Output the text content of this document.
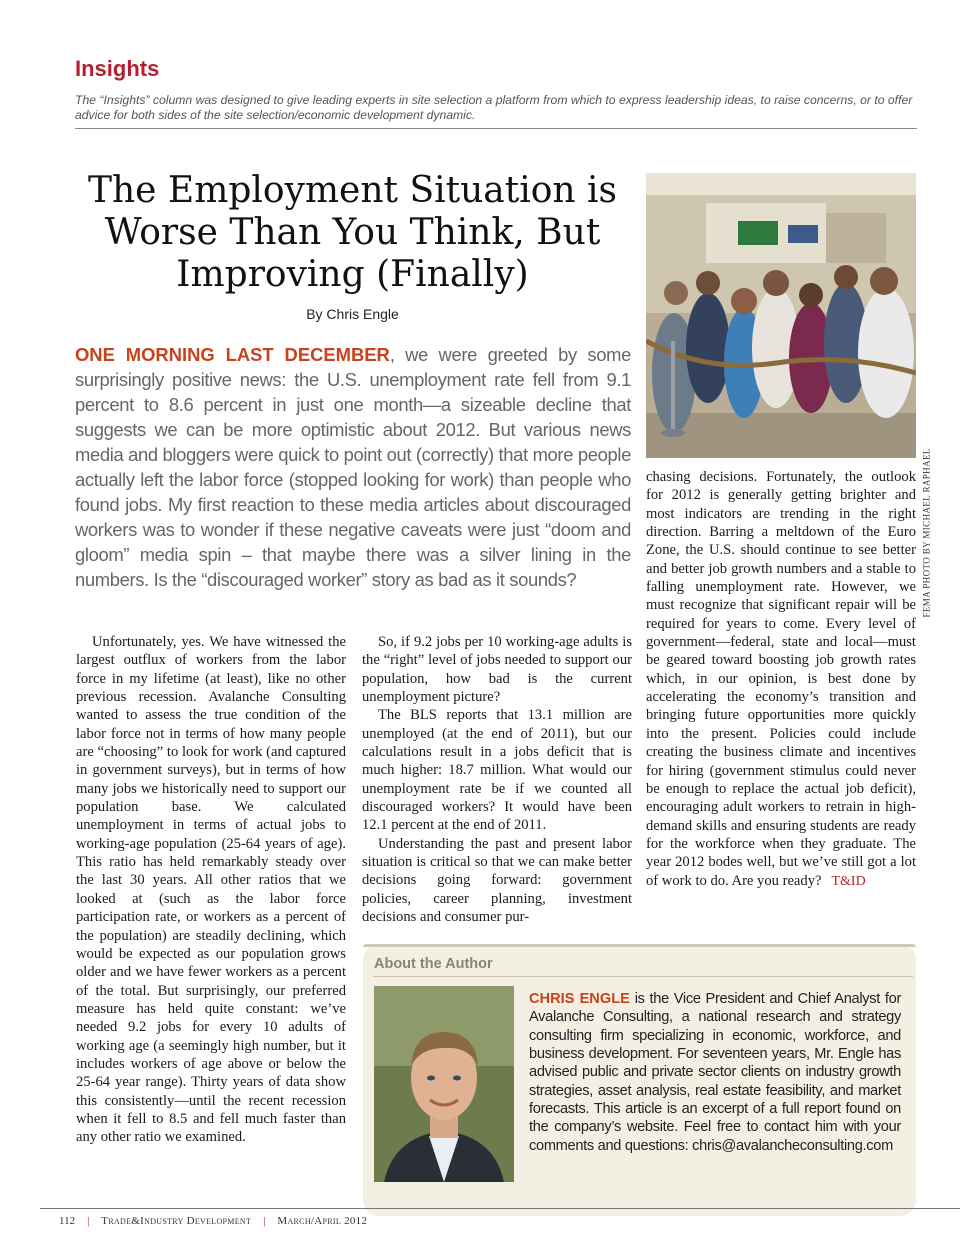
Insights
The “Insights” column was designed to give leading experts in site selection a platform from which to express leadership ideas, to raise concerns, or to offer advice for both sides of the site selection/economic development dynamic.
The Employment Situation is Worse Than You Think, But Improving (Finally)
By Chris Engle
ONE MORNING LAST DECEMBER, we were greeted by some surprisingly positive news: the U.S. unemployment rate fell from 9.1 percent to 8.6 percent in just one month—a sizeable decline that suggests we can be more optimistic about 2012. But various news media and bloggers were quick to point out (correctly) that more people actually left the labor force (stopped looking for work) than people who found jobs. My first reaction to these media articles about discouraged workers was to wonder if these negative caveats were just “doom and gloom” media spin – that maybe there was a silver lining in the numbers. Is the “discouraged worker” story as bad as it sounds?

Unfortunately, yes. We have witnessed the largest outflux of workers from the labor force in my lifetime (at least), like no other previous recession. Avalanche Consulting wanted to assess the true condition of the labor force not in terms of how many people are “choosing” to look for work (and captured in government surveys), but in terms of how many jobs we historically need to support our population base. We calculated unemployment in terms of actual jobs to working-age population (25-64 years of age). This ratio has held remarkably steady over the last 30 years. All other ratios that we looked at (such as the labor force participation rate, or workers as a percent of the population) are steadily declining, which would be expected as our population grows older and we have fewer workers as a percent of the total. But surprisingly, our preferred measure has held quite constant: we’ve needed 9.2 jobs for every 10 adults of working age (a seemingly high number, but it includes workers of age above or below the 25-64 year range). Thirty years of data show this consistently—until the recent recession when it fell to 8.5 and fell much faster than any other ratio we examined.

So, if 9.2 jobs per 10 working-age adults is the “right” level of jobs needed to support our population, how bad is the current unemployment picture?

The BLS reports that 13.1 million are unemployed (at the end of 2011), but our calculations result in a jobs deficit that is much higher: 18.7 million. What would our unemployment rate be if we counted all discouraged workers? It would have been 12.1 percent at the end of 2011.

Understanding the past and present labor situation is critical so that we can make better decisions going forward: government policies, career planning, investment decisions and consumer pur-

chasing decisions. Fortunately, the outlook for 2012 is generally getting brighter and most indicators are trending in the right direction. Barring a meltdown of the Euro Zone, the U.S. should continue to see better and better job growth numbers and a stable to falling unemployment rate. However, we must recognize that significant repair will be required for years to come. Every level of government—federal, state and local—must be geared toward boosting job growth rates which, in our opinion, is best done by accelerating the economy’s transition and bringing future opportunities more quickly into the present. Policies could include creating the business climate and incentives for hiring (government stimulus could never be enough to replace the actual job deficit), encouraging adult workers to retrain in high-demand skills and ensuring students are ready for the workforce when they graduate. The year 2012 bodes well, but we’ve still got a lot of work to do. Are you ready? T&ID

FEMA PHOTO BY MICHAEL RAPHAEL
About the Author
CHRIS ENGLE is the Vice President and Chief Analyst for Avalanche Consulting, a national research and strategy consulting firm specializing in economic, workforce, and business development. For seventeen years, Mr. Engle has advised public and private sector clients on industry growth strategies, asset analysis, real estate feasibility, and market forecasts. This article is an excerpt of a full report found on the company’s website. Feel free to contact him with your comments and questions: chris@avalancheconsulting.com
112 | Trade&Industry Development | March/April 2012
